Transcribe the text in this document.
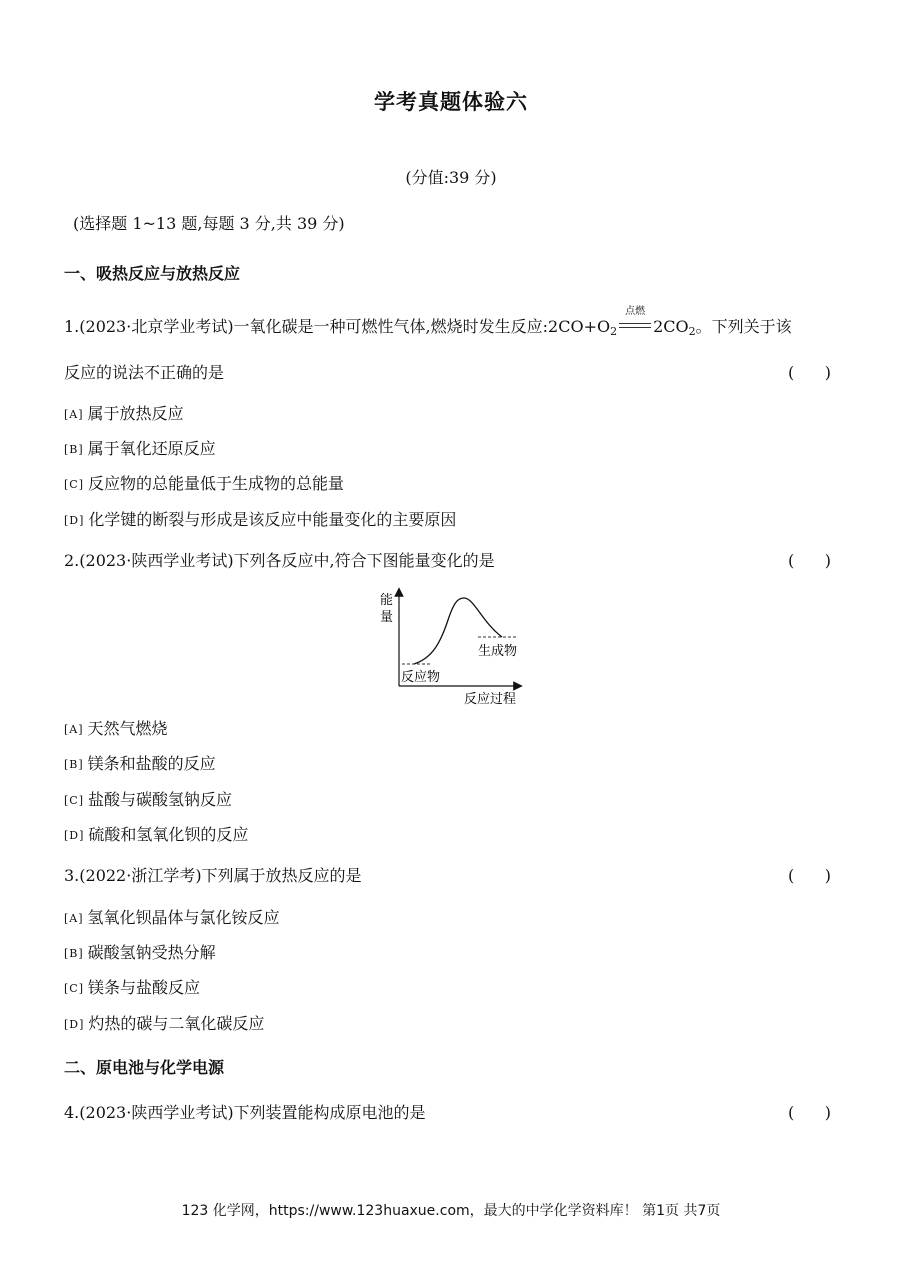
学考真题体验六
(分值:39 分)
(选择题 1~13 题,每题 3 分,共 39 分)
一、吸热反应与放热反应
1.(2023·北京学业考试)一氧化碳是一种可燃性气体,燃烧时发生反应$:2CO+O_2$
点燃
$2CO_2$。下列关于该
反应的说法不正确的是	(      )
[A] 属于放热反应
[B] 属于氧化还原反应
[C] 反应物的总能量低于生成物的总能量
[D] 化学键的断裂与形成是该反应中能量变化的主要原因
2.(2023·陕西学业考试)下列各反应中,符合下图能量变化的是	(      )
能
量
生成物
反应物
反应过程
[A] 天然气燃烧
[B] 镁条和盐酸的反应
[C] 盐酸与碳酸氢钠反应
[D] 硫酸和氢氧化钡的反应
3.(2022·浙江学考)下列属于放热反应的是	(      )
[A] 氢氧化钡晶体与氯化铵反应
[B] 碳酸氢钠受热分解
[C] 镁条与盐酸反应
[D] 灼热的碳与二氧化碳反应
二、原电池与化学电源
4.(2023·陕西学业考试)下列装置能构成原电池的是	(      )
123 化学网，https://www.123huaxue.com，最大的中学化学资料库！ 第1页 共7页
